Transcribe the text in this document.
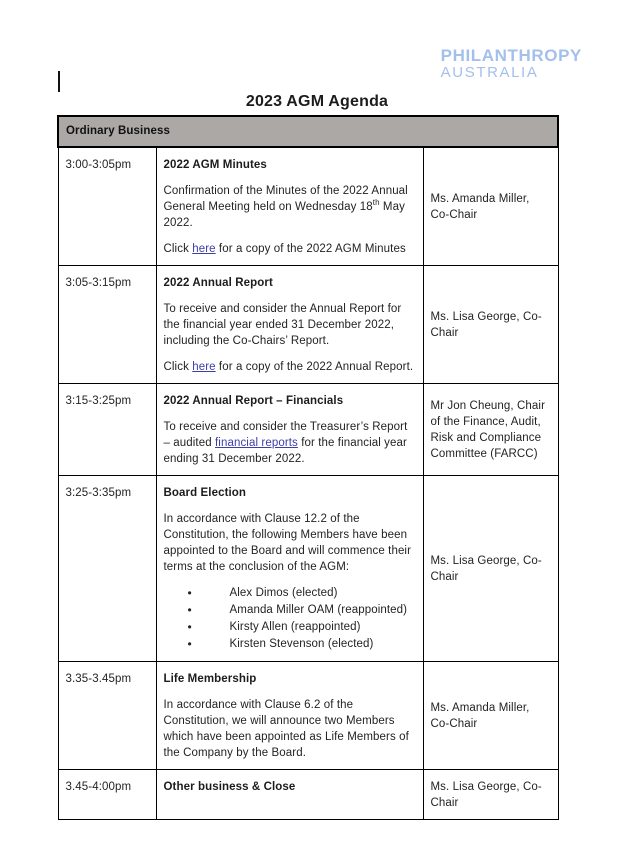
PHILANTHROPY
AUSTRALIA
2023 AGM Agenda
Ordinary Business		
3:00-3:05pm	2022 AGM Minutes

Confirmation of the Minutes of the 2022 Annual General Meeting held on Wednesday 18th May 2022.

Click here for a copy of the 2022 AGM Minutes	Ms. Amanda Miller, Co-Chair
3:05-3:15pm	2022 Annual Report

To receive and consider the Annual Report for the financial year ended 31 December 2022, including the Co-Chairs’ Report.

Click here for a copy of the 2022 Annual Report.	Ms. Lisa George, Co-Chair
3:15-3:25pm	2022 Annual Report – Financials

To receive and consider the Treasurer’s Report – audited financial reports for the financial year ending 31 December 2022.	Mr Jon Cheung, Chair of the Finance, Audit, Risk and Compliance Committee (FARCC)
3:25-3:35pm	Board Election

In accordance with Clause 12.2 of the Constitution, the following Members have been appointed to the Board and will commence their terms at the conclusion of the AGM:

• Alex Dimos (elected)
• Amanda Miller OAM (reappointed)
• Kirsty Allen (reappointed)
• Kirsten Stevenson (elected)
	Ms. Lisa George, Co-Chair
3.35-3.45pm	Life Membership

In accordance with Clause 6.2 of the Constitution, we will announce two Members which have been appointed as Life Members of the Company by the Board.	Ms. Amanda Miller, Co-Chair
3.45-4:00pm	Other business & Close	Ms. Lisa George, Co-Chair
